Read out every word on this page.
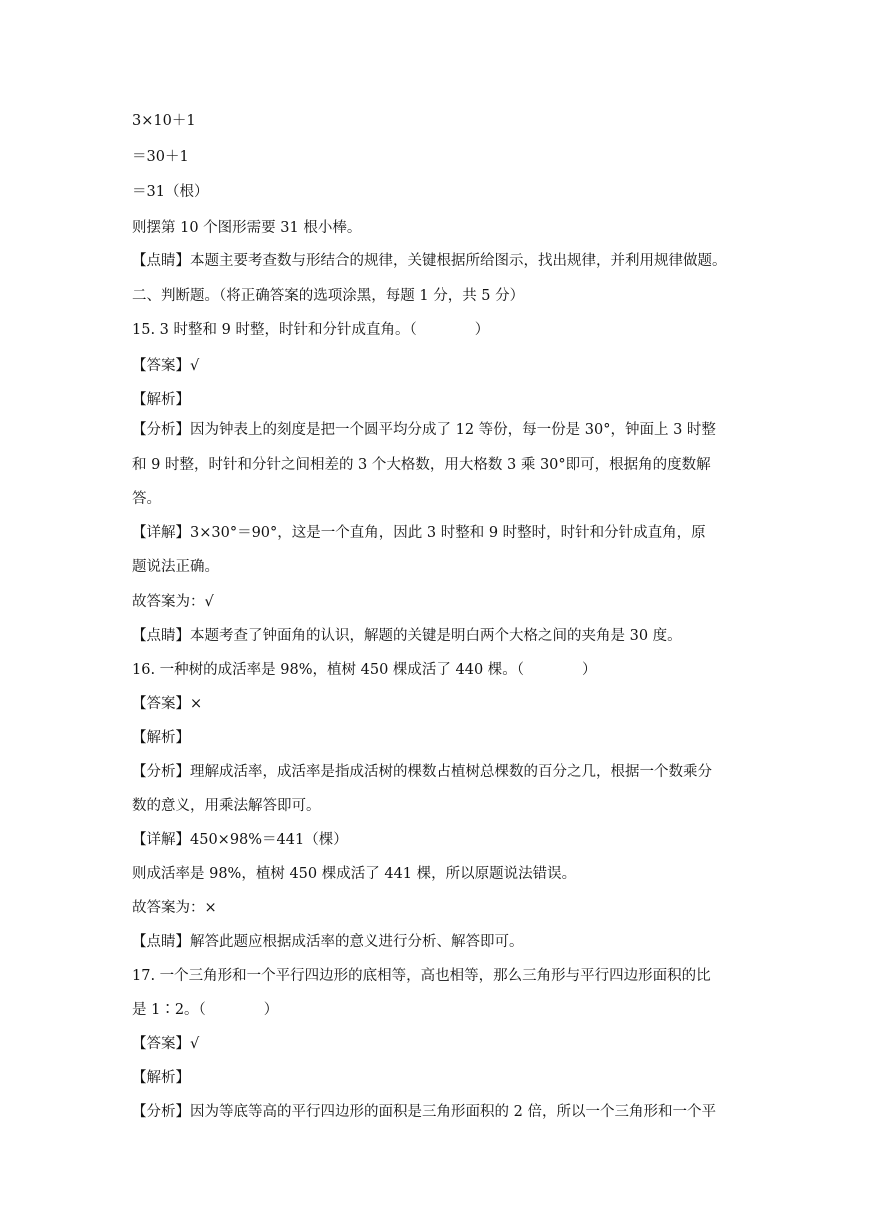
3×10＋1
＝30＋1
＝31（根）
则摆第 10 个图形需要 31 根小棒。
【点睛】本题主要考查数与形结合的规律，关键根据所给图示，找出规律，并利用规律做题。
二、判断题。（将正确答案的选项涂黑，每题 1 分，共 5 分）
15. 3 时整和 9 时整，时针和分针成直角。（　　　　）
【答案】√
【解析】
【分析】因为钟表上的刻度是把一个圆平均分成了 12 等份，每一份是 30°，钟面上 3 时整
和 9 时整，时针和分针之间相差的 3 个大格数，用大格数 3 乘 30°即可，根据角的度数解
答。
【详解】3×30°＝90°，这是一个直角，因此 3 时整和 9 时整时，时针和分针成直角，原
题说法正确。
故答案为：√
【点睛】本题考查了钟面角的认识，解题的关键是明白两个大格之间的夹角是 30 度。
16. 一种树的成活率是 98%，植树 450 棵成活了 440 棵。（　　　　）
【答案】×
【解析】
【分析】理解成活率，成活率是指成活树的棵数占植树总棵数的百分之几，根据一个数乘分
数的意义，用乘法解答即可。
【详解】450×98%＝441（棵）
则成活率是 98%，植树 450 棵成活了 441 棵，所以原题说法错误。
故答案为：×
【点睛】解答此题应根据成活率的意义进行分析、解答即可。
17. 一个三角形和一个平行四边形的底相等，高也相等，那么三角形与平行四边形面积的比
是 1∶2。（　　　　）
【答案】√
【解析】
【分析】因为等底等高的平行四边形的面积是三角形面积的 2 倍，所以一个三角形和一个平
